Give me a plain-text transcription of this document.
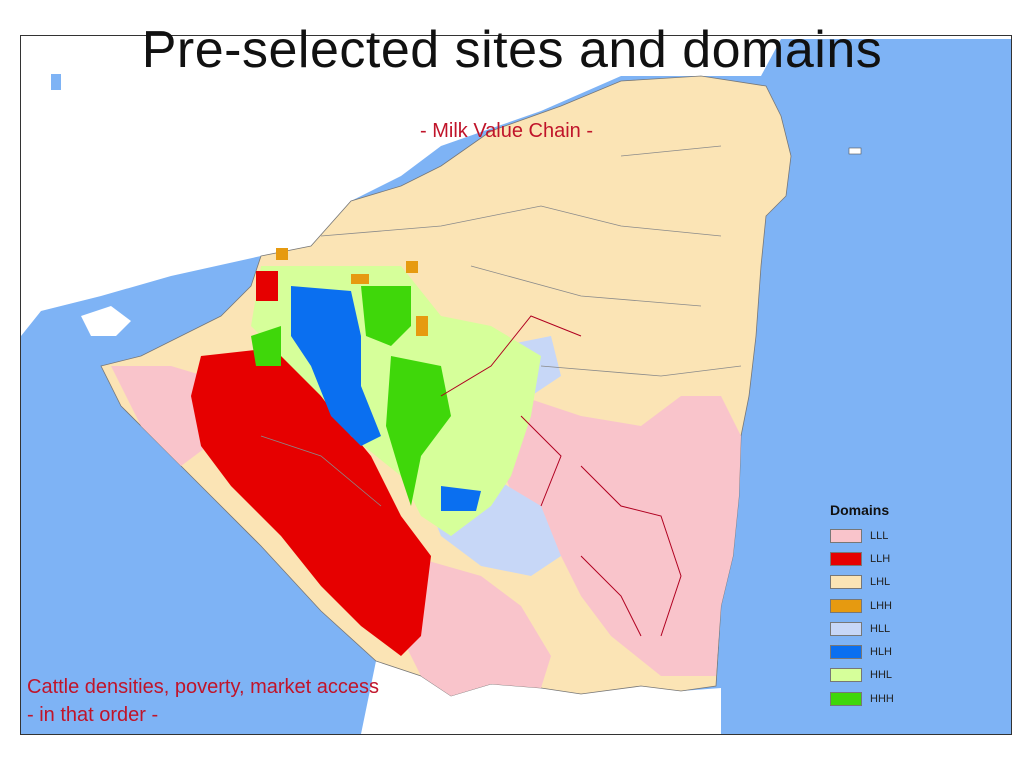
Pre-selected sites and domains
- Milk Value Chain -
Cattle densities, poverty, market access
- in that order -
Domains
LLL
LLH
LHL
LHH
HLL
HLH
HHL
HHH
